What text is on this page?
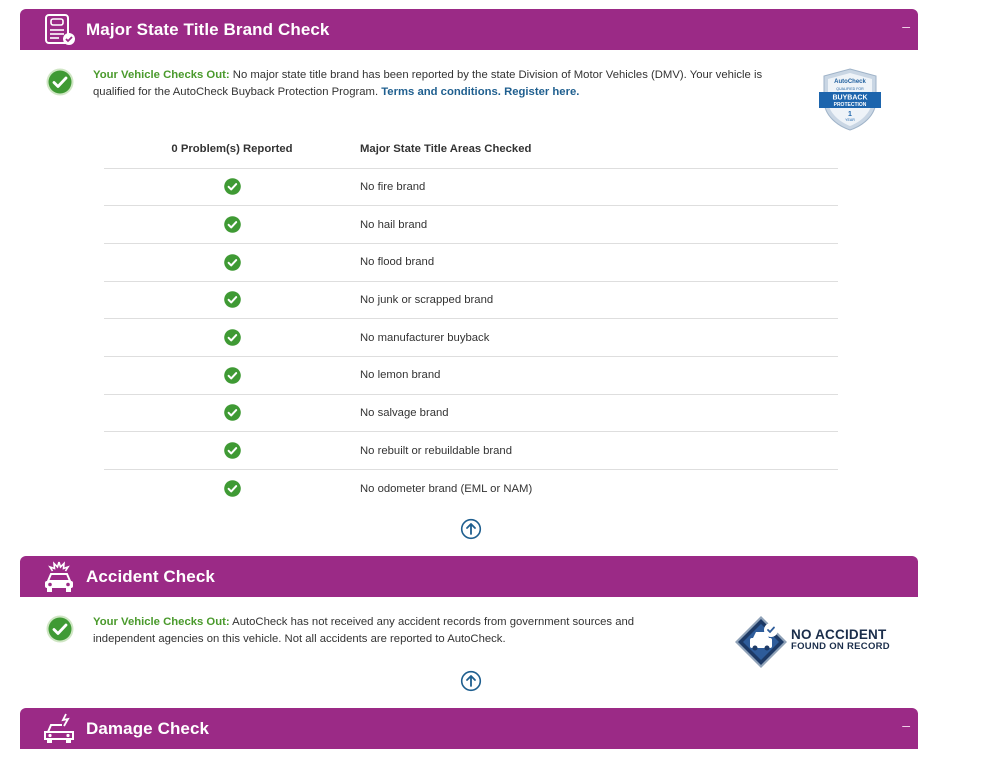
Major State Title Brand Check	–
Your Vehicle Checks Out: No major state title brand has been reported by the state Division of Motor Vehicles (DMV). Your vehicle is qualified for the AutoCheck Buyback Protection Program. Terms and conditions. Register here.
AutoCheck
QUALIFIED FOR
BUYBACK
PROTECTION
1
YEAR
0 Problem(s) Reported	Major State Title Areas Checked
	No fire brand
	No hail brand
	No flood brand
	No junk or scrapped brand
	No manufacturer buyback
	No lemon brand
	No salvage brand
	No rebuilt or rebuildable brand
	No odometer brand (EML or NAM)
Accident Check
Your Vehicle Checks Out: AutoCheck has not received any accident records from government sources and independent agencies on this vehicle. Not all accidents are reported to AutoCheck.	NO ACCIDENT
FOUND ON RECORD
Damage Check	–
